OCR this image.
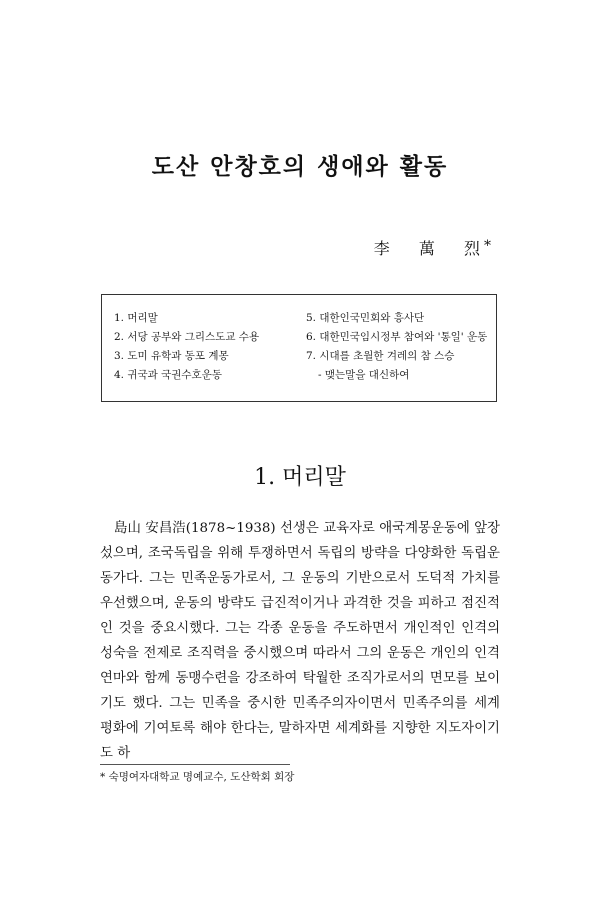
도산 안창호의 생애와 활동
李 萬 烈 *
1. 머리말
2. 서당 공부와 그리스도교 수용
3. 도미 유학과 동포 계몽
4. 귀국과 국권수호운동
5. 대한인국민회와 흥사단
6. 대한민국임시정부 참여와 '통일' 운동
7. 시대를 초월한 겨레의 참 스승
- 맺는말을 대신하여
1. 머리말

島山 安昌浩(1878~1938) 선생은 교육자로 애국계몽운동에 앞장섰으며, 조국독립을 위해 투쟁하면서 독립의 방략을 다양화한 독립운동가다. 그는 민족운동가로서, 그 운동의 기반으로서 도덕적 가치를 우선했으며, 운동의 방략도 급진적이거나 과격한 것을 피하고 점진적인 것을 중요시했다. 그는 각종 운동을 주도하면서 개인적인 인격의 성숙을 전제로 조직력을 중시했으며 따라서 그의 운동은 개인의 인격연마와 함께 동맹수련을 강조하여 탁월한 조직가로서의 면모를 보이기도 했다. 그는 민족을 중시한 민족주의자이면서 민족주의를 세계 평화에 기여토록 해야 한다는, 말하자면 세계화를 지향한 지도자이기도 하

* 숙명여자대학교 명예교수, 도산학회 회장
